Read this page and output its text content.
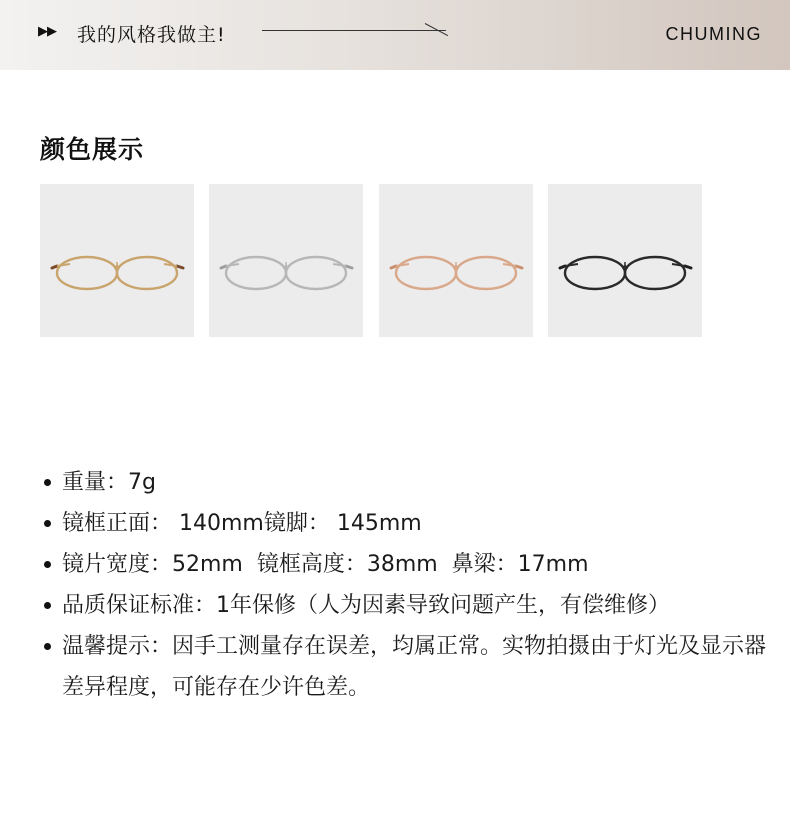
▶▶ 我的风格我做主!	CHUMING
颜色展示
重量：7g
镜框正面： 140mm镜脚： 145mm
镜片宽度：52mm  镜框高度：38mm  鼻梁：17mm
品质保证标准：1年保修（人为因素导致问题产生，有偿维修）
温馨提示：因手工测量存在误差，均属正常。实物拍摄由于灯光及显示器差异程度，可能存在少许色差。
